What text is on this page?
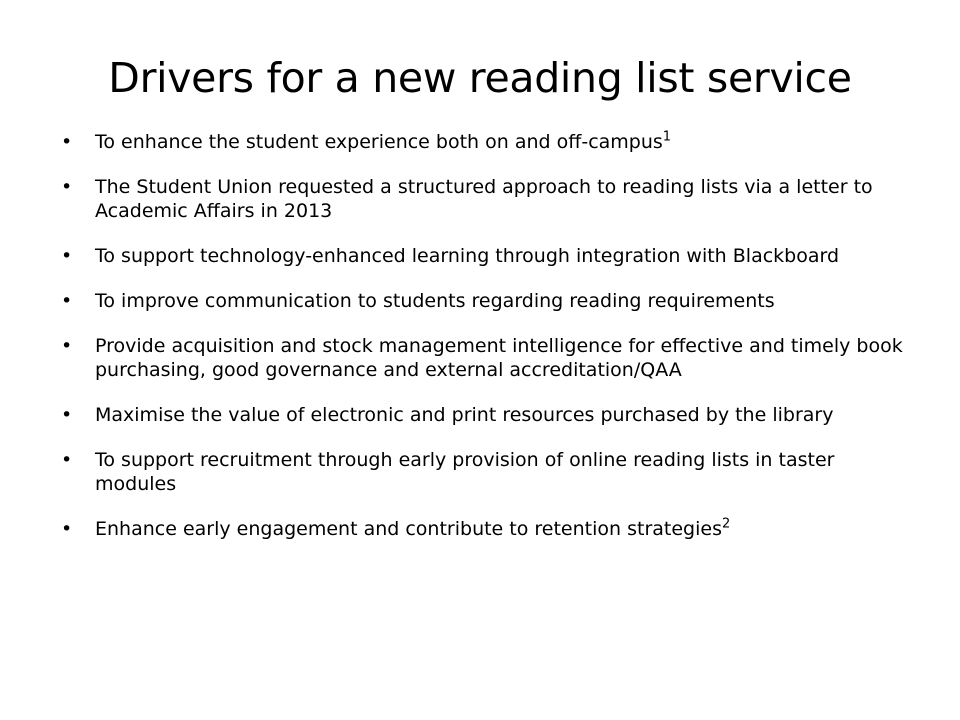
Drivers for a new reading list service
• To enhance the student experience both on and off-campus$^1$
• The Student Union requested a structured approach to reading lists via a letter to Academic Affairs in 2013
• To support technology-enhanced learning through integration with Blackboard
• To improve communication to students regarding reading requirements
• Provide acquisition and stock management intelligence for effective and timely book purchasing, good governance and external accreditation/QAA
• Maximise the value of electronic and print resources purchased by the library
• To support recruitment through early provision of online reading lists in taster modules
• Enhance early engagement and contribute to retention strategies$^2$
